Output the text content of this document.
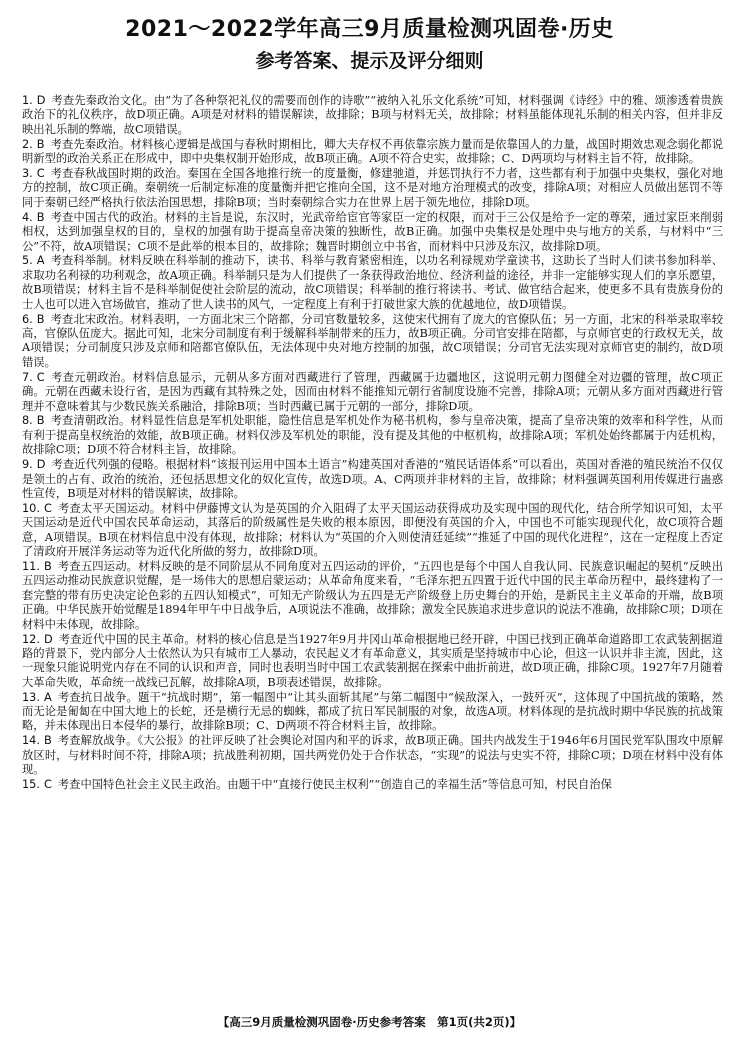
2021～2022学年高三9月质量检测巩固卷·历史
参考答案、提示及评分细则

1. D 考查先秦政治文化。由“为了各种祭祀礼仪的需要而创作的诗歌”“被纳入礼乐文化系统”可知，材料强调《诗经》中的雅、颂渗透着贵族政治下的礼仪秩序，故D项正确。A项是对材料的错误解读，故排除；B项与材料无关，故排除；材料虽能体现礼乐制的相关内容，但并非反映出礼乐制的弊端，故C项错误。

2. B 考查先秦政治。材料核心逻辑是战国与春秋时期相比，卿大夫存权不再依靠宗族力量而是依靠国人的力量，战国时期效忠观念弱化都说明新型的政治关系正在形成中，即中央集权制开始形成，故B项正确。A项不符合史实，故排除；C、D两项均与材料主旨不符，故排除。

3. C 考查春秋战国时期的政治。秦国在全国各地推行统一的度量衡，修建驰道，并惩罚执行不力者，这些都有利于加强中央集权，强化对地方的控制，故C项正确。秦朝统一后制定标准的度量衡并把它推向全国，这不是对地方治理模式的改变，排除A项；对相应人员做出惩罚不等同于秦朝已经严格执行依法治国思想，排除B项；当时秦朝综合实力在世界上居于领先地位，排除D项。

4. B 考查中国古代的政治。材料的主旨是说，东汉时，光武帝给宦官等家臣一定的权限，而对于三公仅是给予一定的尊荣，通过家臣来削弱相权，达到加强皇权的目的，皇权的加强有助于提高皇帝决策的独断性，故B正确。加强中央集权是处理中央与地方的关系，与材料中“三公”不符，故A项错误；C项不是此举的根本目的，故排除；魏晋时期创立中书省，而材料中只涉及东汉，故排除D项。

5. A 考查科举制。材料反映在科举制的推动下，读书、科举与教育紧密相连，以功名利禄规劝学童读书，这助长了当时人们读书参加科举、求取功名利禄的功利观念，故A项正确。科举制只是为人们提供了一条获得政治地位、经济利益的途径，并非一定能够实现人们的享乐愿望，故B项错误；材料主旨不是科举制促使社会阶层的流动，故C项错误；科举制的推行将读书、考试、做官结合起来，使更多不具有贵族身份的士人也可以进入官场做官，推动了世人读书的风气，一定程度上有利于打破世家大族的优越地位，故D项错误。

6. B 考查北宋政治。材料表明，一方面北宋三个陪都，分司官数量较多，这使宋代拥有了庞大的官僚队伍；另一方面，北宋的科举录取率较高，官僚队伍庞大。据此可知，北宋分司制度有利于缓解科举制带来的压力，故B项正确。分司官安排在陪都，与京师官吏的行政权无关，故A项错误；分司制度只涉及京师和陪都官僚队伍，无法体现中央对地方控制的加强，故C项错误；分司官无法实现对京师官吏的制约，故D项错误。

7. C 考查元朝政治。材料信息显示，元朝从多方面对西藏进行了管理，西藏属于边疆地区，这说明元朝力图健全对边疆的管理，故C项正确。元朝在西藏未设行省，是因为西藏有其特殊之处，因而由材料不能推知元朝行省制度设施不完善，排除A项；元朝从多方面对西藏进行管理并不意味着其与少数民族关系融洽，排除B项；当时西藏已属于元朝的一部分，排除D项。

8. B 考查清朝政治。材料显性信息是军机处职能，隐性信息是军机处作为秘书机构，参与皇帝决策，提高了皇帝决策的效率和科学性，从而有利于提高皇权统治的效能，故B项正确。材料仅涉及军机处的职能，没有提及其他的中枢机构，故排除A项；军机处始终都属于内廷机构，故排除C项；D项不符合材料主旨，故排除。

9. D 考查近代列强的侵略。根据材料“该报刊运用中国本土语言”构建英国对香港的“殖民话语体系”可以看出，英国对香港的殖民统治不仅仅是领土的占有、政治的统治，还包括思想文化的奴化宣传，故选D项。A、C两项并非材料的主旨，故排除；材料强调英国利用传媒进行蛊惑性宣传，B项是对材料的错误解读，故排除。

10. C 考查太平天国运动。材料中伊藤博文认为是英国的介入阻碍了太平天国运动获得成功及实现中国的现代化，结合所学知识可知，太平天国运动是近代中国农民革命运动，其落后的阶级属性是失败的根本原因，即便没有英国的介入，中国也不可能实现现代化，故C项符合题意，A项错误。B项在材料信息中没有体现，故排除；材料认为“英国的介入则使清廷延续”“推延了中国的现代化进程”，这在一定程度上否定了清政府开展洋务运动等为近代化所做的努力，故排除D项。

11. B 考查五四运动。材料反映的是不同阶层从不同角度对五四运动的评价，“五四也是每个中国人自我认同、民族意识崛起的契机”反映出五四运动推动民族意识觉醒，是一场伟大的思想启蒙运动；从革命角度来看，“毛泽东把五四置于近代中国的民主革命历程中，最终建构了一套完整的带有历史决定论色彩的五四认知模式”，可知无产阶级认为五四是无产阶级登上历史舞台的开始，是新民主主义革命的开端，故B项正确。中华民族开始觉醒是1894年甲午中日战争后，A项说法不准确，故排除；激发全民族追求进步意识的说法不准确，故排除C项；D项在材料中未体现，故排除。

12. D 考查近代中国的民主革命。材料的核心信息是当1927年9月井冈山革命根据地已经开辟，中国已找到正确革命道路即工农武装割据道路的背景下，党内部分人士依然认为只有城市工人暴动，农民起义才有革命意义，其实质是坚持城市中心论，但这一认识并非主流，因此，这一现象只能说明党内存在不同的认识和声音，同时也表明当时中国工农武装割据在探索中曲折前进，故D项正确，排除C项。1927年7月随着大革命失败，革命统一战线已瓦解，故排除A项，B项表述错误，故排除。

13. A 考查抗日战争。题干“抗战时期”，第一幅图中“让其头面斩其尾”与第二幅图中“候敌深入，一鼓歼灭”，这体现了中国抗战的策略，然而无论是匍匐在中国大地上的长蛇，还是横行无忌的蜘蛛，都成了抗日军民制服的对象，故选A项。材料体现的是抗战时期中华民族的抗战策略，并未体现出日本侵华的暴行，故排除B项；C、D两项不符合材料主旨，故排除。

14. B 考查解放战争。《大公报》的社评反映了社会舆论对国内和平的诉求，故B项正确。国共内战发生于1946年6月国民党军队围攻中原解放区时，与材料时间不符，排除A项；抗战胜利初期，国共两党仍处于合作状态，“实现”的说法与史实不符，排除C项；D项在材料中没有体现。

15. C 考查中国特色社会主义民主政治。由题干中“直接行使民主权利”“创造自己的幸福生活”等信息可知，村民自治保

【高三9月质量检测巩固卷·历史参考答案　第1页(共2页)】
